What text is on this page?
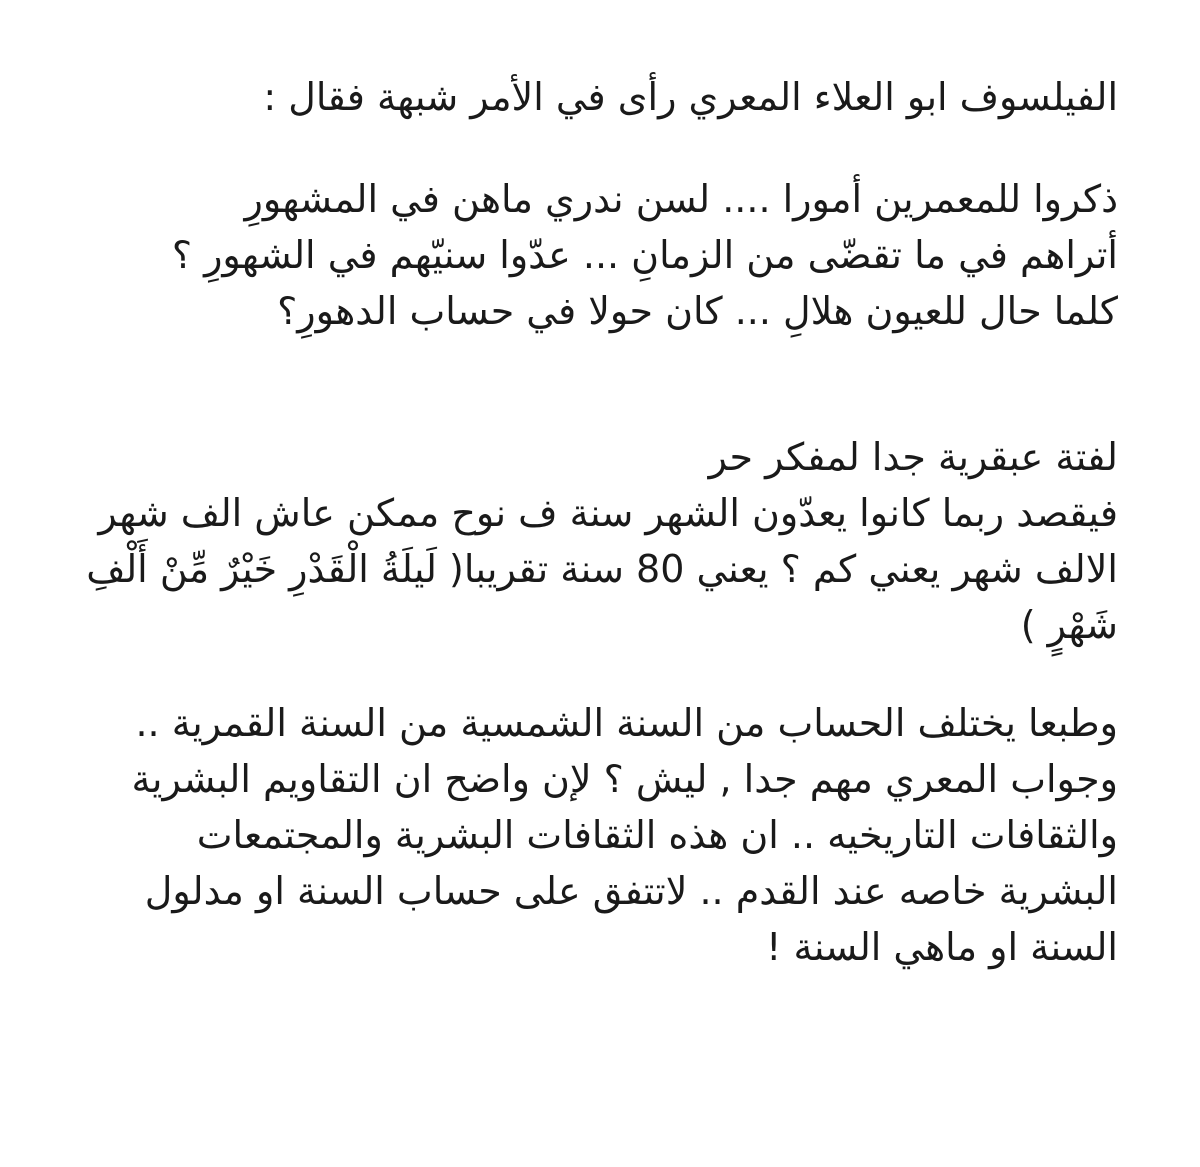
الفيلسوف ابو العلاء المعري رأى في الأمر شبهة فقال :
ذكروا للمعمرين أمورا .... لسن ندري ماهن في المشهورِ
أتراهم في ما تقضّى من الزمانِ ... عدّوا سنيّهم في الشهورِ ؟
كلما حال للعيون هلالِ ... كان حولا في حساب الدهورِ؟
لفتة عبقرية جدا لمفكر حر
فيقصد ربما كانوا يعدّون الشهر سنة ف نوح ممكن عاش الف شهر
الالف شهر يعني كم ؟ يعني 80 سنة تقريبا( لَيلَةُ الْقَدْرِ خَيْرٌ مِّنْ أَلْفِ
شَهْرٍ )
وطبعا يختلف الحساب من السنة الشمسية من السنة القمرية ..
وجواب المعري مهم جدا , ليش ؟ لإن واضح ان التقاويم البشرية
والثقافات التاريخيه .. ان هذه الثقافات البشرية والمجتمعات
البشرية خاصه عند القدم .. لاتتفق على حساب السنة او مدلول
السنة او ماهي السنة !
